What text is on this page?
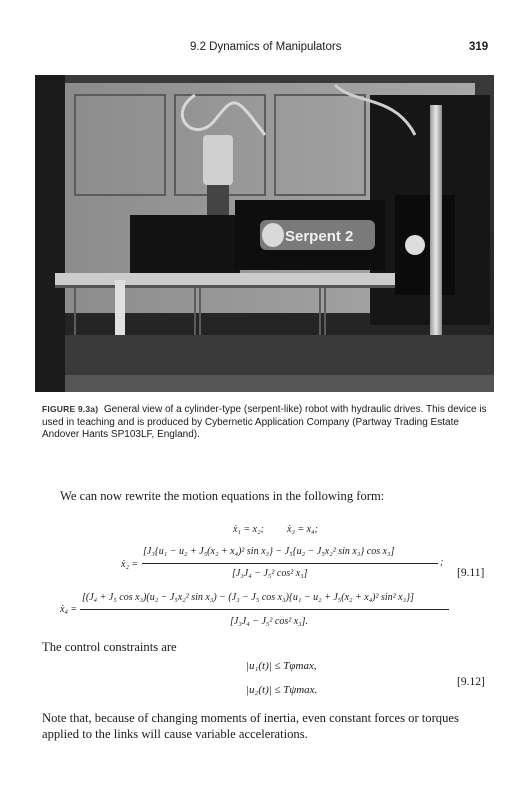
9.2 Dynamics of Manipulators	319
Serpent 2
FIGURE 9.3a) General view of a cylinder-type (serpent-like) robot with hydraulic drives. This device is used in teaching and is produced by Cybernetic Application Company (Partway Trading Estate Andover Hants SP103LF, England).
We can now rewrite the motion equations in the following form:
ẋ₁ = x₂; ẋ₃ = x₄;
ẋ₂ =
[J₃{u₁ − u₂ + J₅(x₂ + x₄)² sin x₃} − J₅{u₂ − J₅x₂² sin x₃} cos x₃]
[J₃J₄ − J₅² cos² x₃]
;
[9.11]
ẋ₄ =
[(J₄ + J₅ cos x₃)(u₂ − J₅x₂² sin x₃) − (J₃ − J₅ cos x₃){u₁ − u₂ + J₅(x₂ + x₄)² sin² x₃}]
[J₃J₄ − J₅² cos² x₃].
The control constraints are
|u₁(t)| ≤ Tφmax,
|u₂(t)| ≤ Tψmax.
[9.12]
Note that, because of changing moments of inertia, even constant forces or torques applied to the links will cause variable accelerations.
